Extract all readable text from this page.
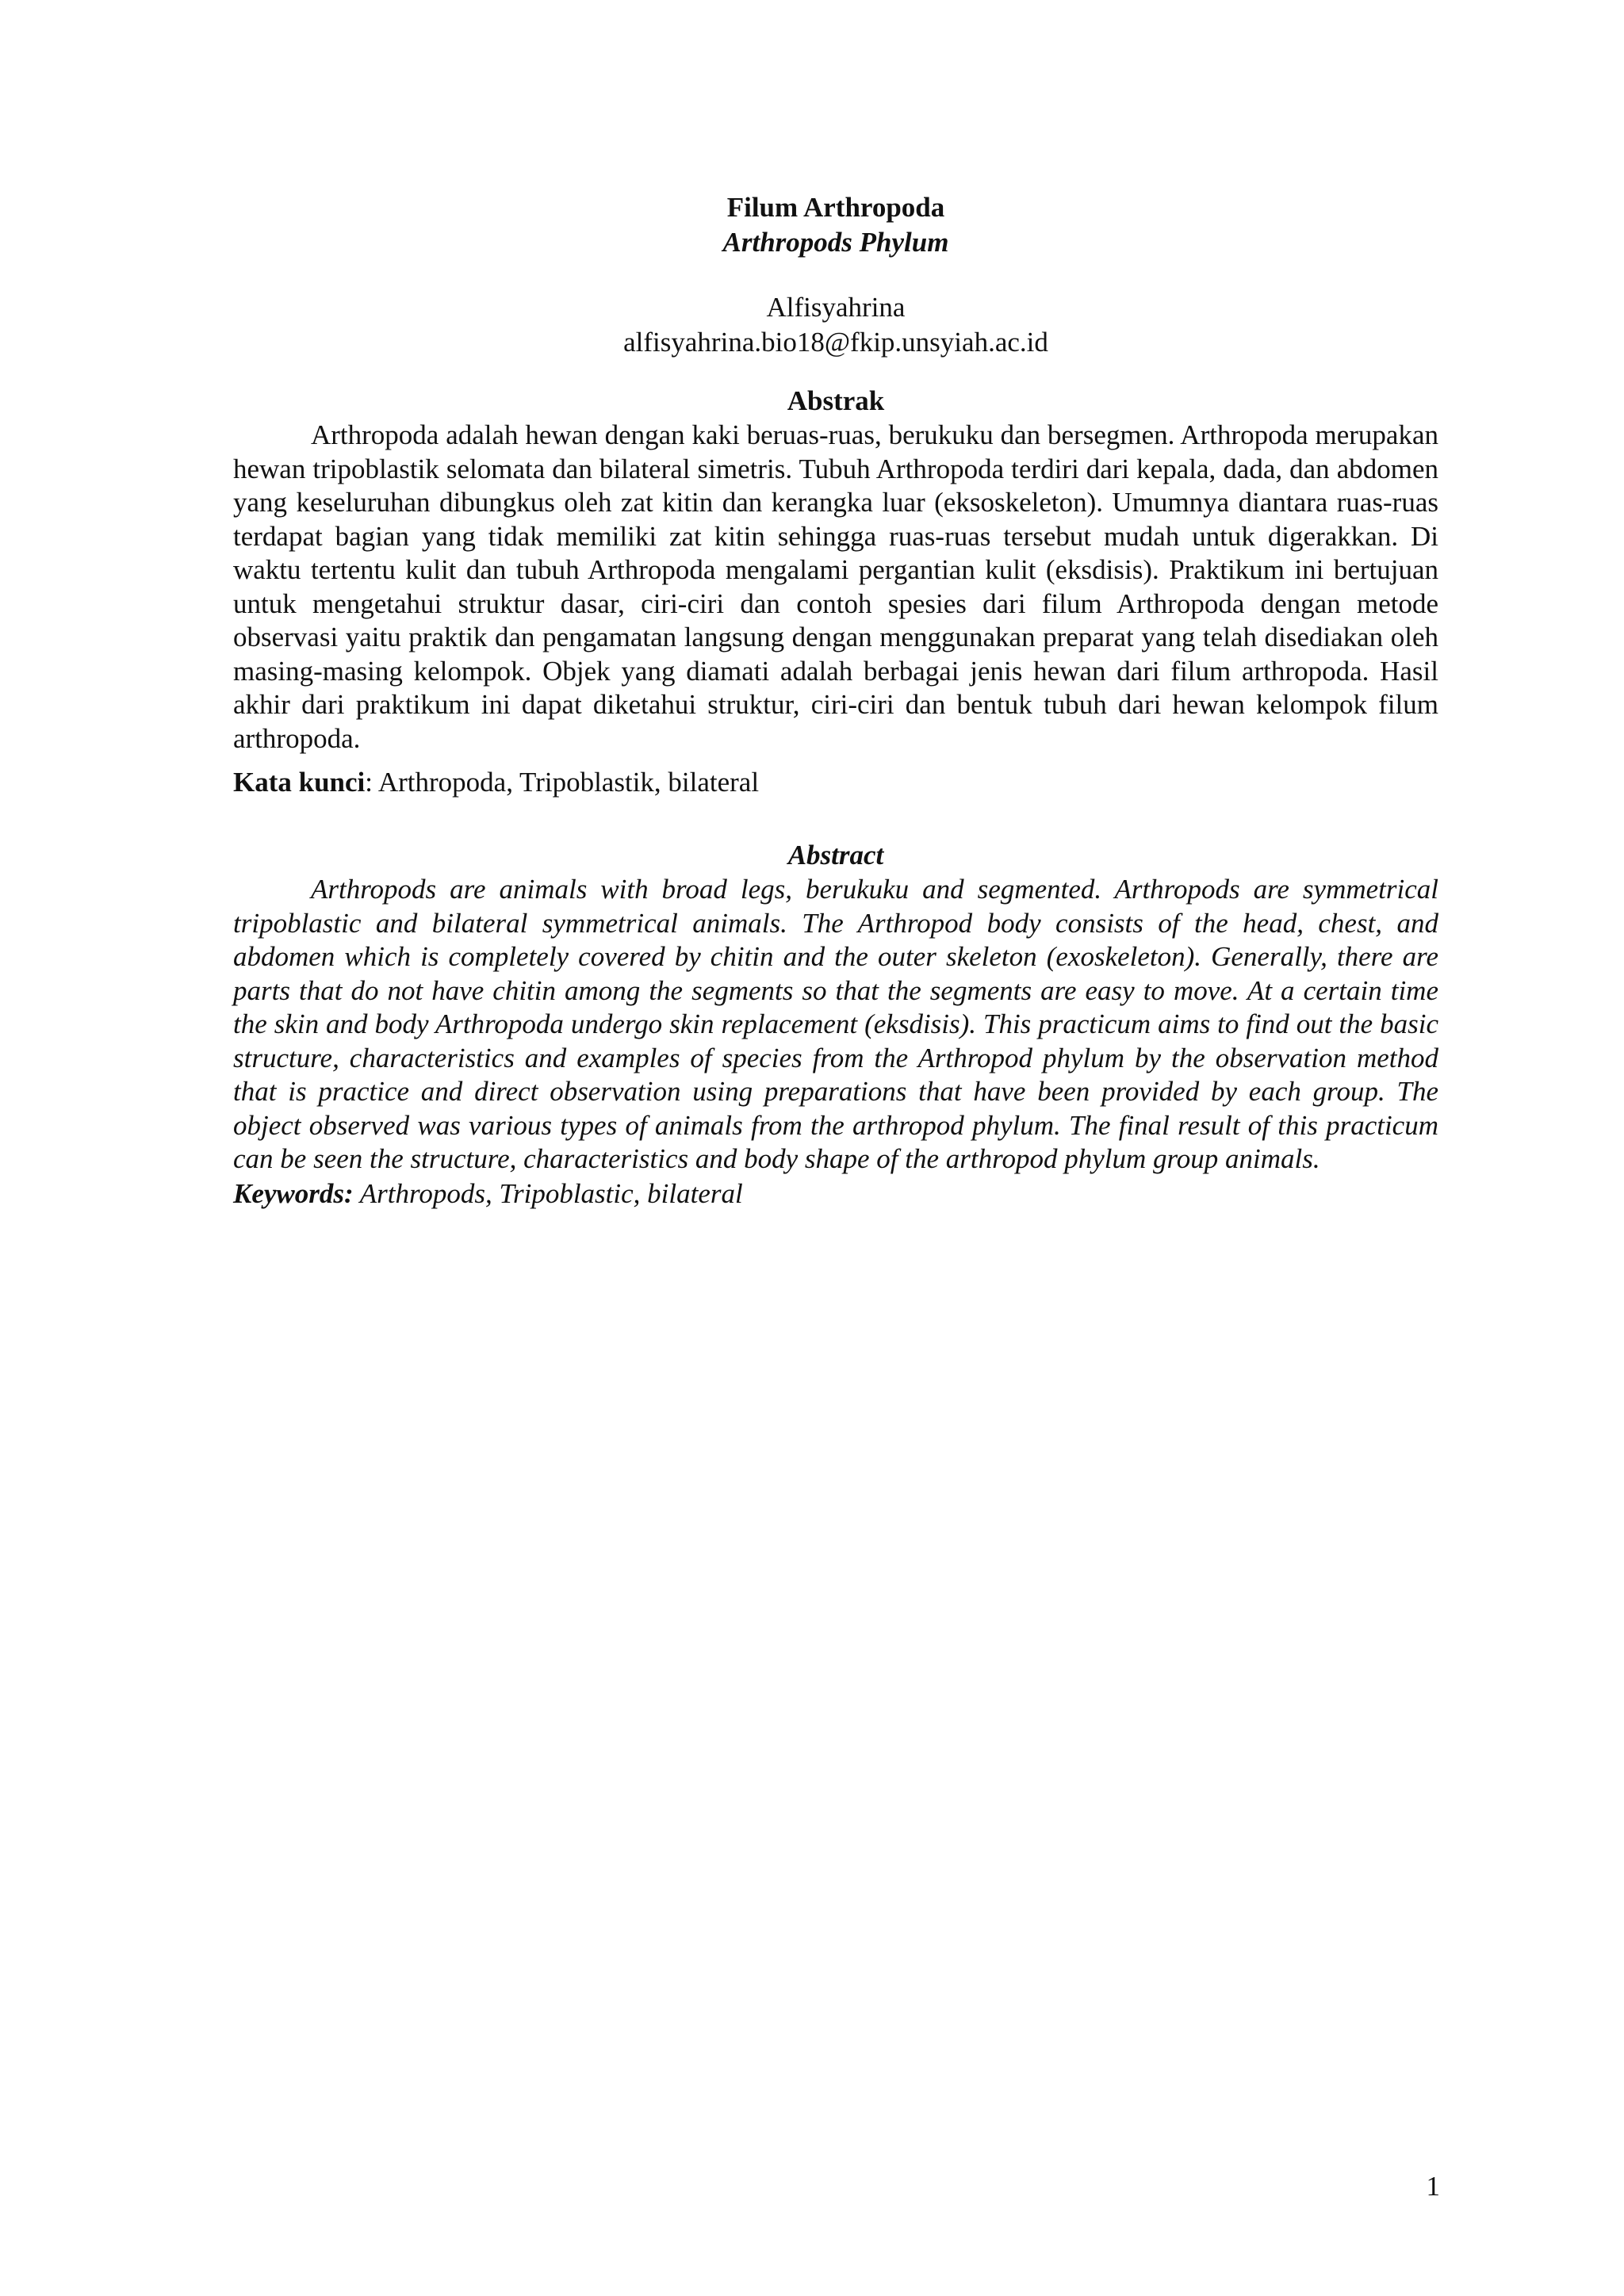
Filum Arthropoda

Arthropods Phylum

Alfisyahrina

alfisyahrina.bio18@fkip.unsyiah.ac.id

Abstrak

Arthropoda adalah hewan dengan kaki beruas-ruas, berukuku dan bersegmen. Arthropoda merupakan hewan tripoblastik selomata dan bilateral simetris. Tubuh Arthropoda terdiri dari kepala, dada, dan abdomen yang keseluruhan dibungkus oleh zat kitin dan kerangka luar (eksoskeleton). Umumnya diantara ruas-ruas terdapat bagian yang tidak memiliki zat kitin sehingga ruas-ruas tersebut mudah untuk digerakkan. Di waktu tertentu kulit dan tubuh Arthropoda mengalami pergantian kulit (eksdisis). Praktikum ini bertujuan untuk mengetahui struktur dasar, ciri-ciri dan contoh spesies dari filum Arthropoda dengan metode observasi yaitu praktik dan pengamatan langsung dengan menggunakan preparat yang telah disediakan oleh masing-masing kelompok. Objek yang diamati adalah berbagai jenis hewan dari filum arthropoda. Hasil akhir dari praktikum ini dapat diketahui struktur, ciri-ciri dan bentuk tubuh dari hewan kelompok filum arthropoda.

Kata kunci: Arthropoda, Tripoblastik, bilateral

Abstract

Arthropods are animals with broad legs, berukuku and segmented. Arthropods are symmetrical tripoblastic and bilateral symmetrical animals. The Arthropod body consists of the head, chest, and abdomen which is completely covered by chitin and the outer skeleton (exoskeleton). Generally, there are parts that do not have chitin among the segments so that the segments are easy to move. At a certain time the skin and body Arthropoda undergo skin replacement (eksdisis). This practicum aims to find out the basic structure, characteristics and examples of species from the Arthropod phylum by the observation method that is practice and direct observation using preparations that have been provided by each group. The object observed was various types of animals from the arthropod phylum. The final result of this practicum can be seen the structure, characteristics and body shape of the arthropod phylum group animals.

Keywords: Arthropods, Tripoblastic, bilateral

1
